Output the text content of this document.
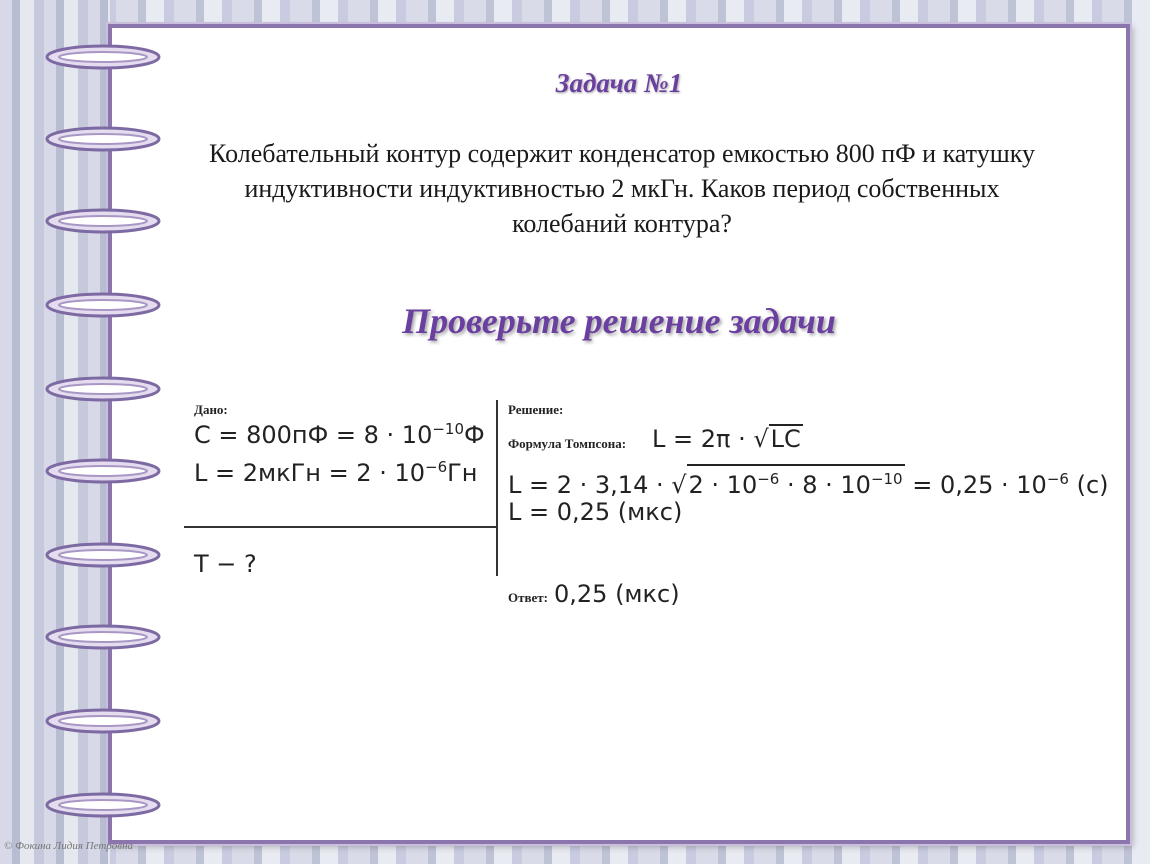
Задача №1
Колебательный контур содержит конденсатор емкостью 800 пФ и катушку индуктивности индуктивностью 2 мкГн. Каков период собственных колебаний контура?
Проверьте решение задачи
Дано:
$C = 800пФ = 8 \cdot 10^{-10}Ф$
L = 2мкГн = $2 \cdot 10^{-6}Гн$
T − ?
Решение:
Формула Томпсона: L = 2π · √LC
$L = 2 \cdot 3,14 \cdot √2 \cdot 10^{-6} \cdot 8 \cdot 10^{-10} = 0,25 \cdot 10^{-6}$ (с)
L = 0,25 (мкс)
Ответ: 0,25 (мкс)
© Фокина Лидия Петровна
